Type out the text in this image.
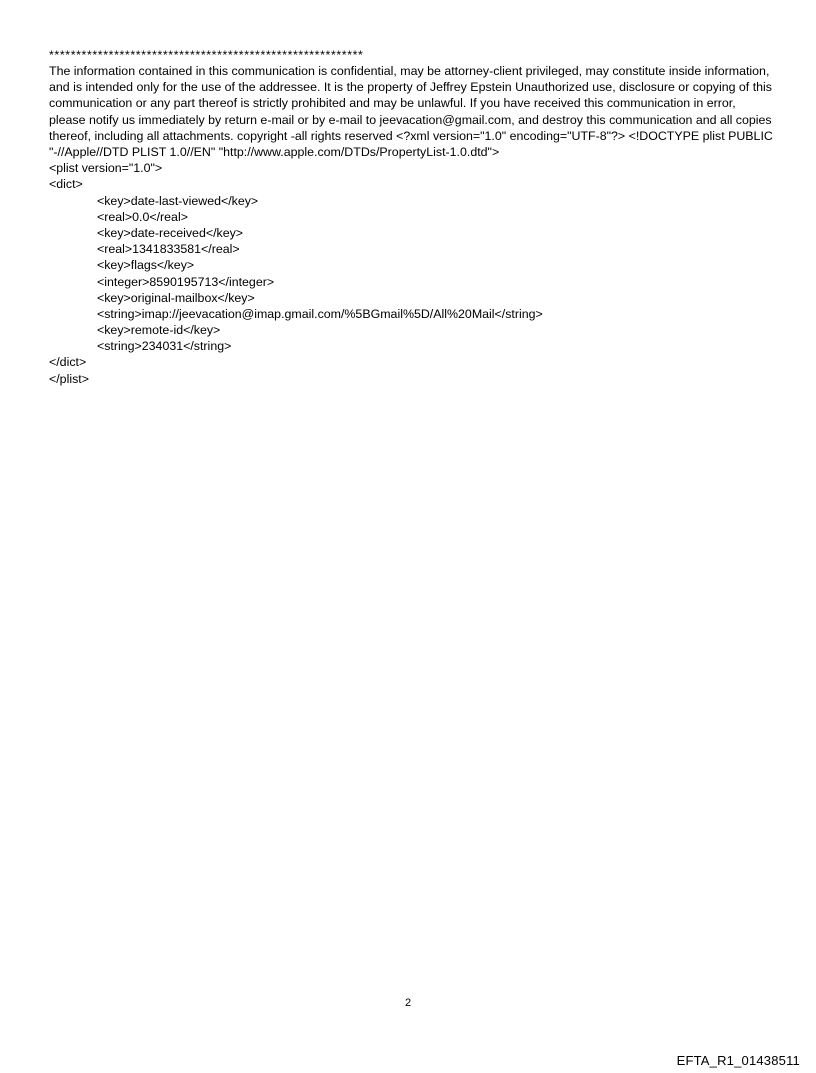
**********************************************************

The information contained in this communication is confidential, may be attorney-client privileged, may constitute inside information, and is intended only for the use of the addressee. It is the property of Jeffrey Epstein Unauthorized use, disclosure or copying of this communication or any part thereof is strictly prohibited and may be unlawful. If you have received this communication in error, please notify us immediately by return e-mail or by e-mail to jeevacation@gmail.com, and destroy this communication and all copies thereof, including all attachments. copyright -all rights reserved <?xml version="1.0" encoding="UTF-8"?> <!DOCTYPE plist PUBLIC "-//Apple//DTD PLIST 1.0//EN" "http://www.apple.com/DTDs/PropertyList-1.0.dtd">

<plist version="1.0">
<dict>
<key>date-last-viewed</key>
<real>0.0</real>
<key>date-received</key>
<real>1341833581</real>
<key>flags</key>
<integer>8590195713</integer>
<key>original-mailbox</key>
<string>imap://jeevacation@imap.gmail.com/%5BGmail%5D/All%20Mail</string>
<key>remote-id</key>
<string>234031</string>
</dict>
</plist>
2
EFTA_R1_01438511
